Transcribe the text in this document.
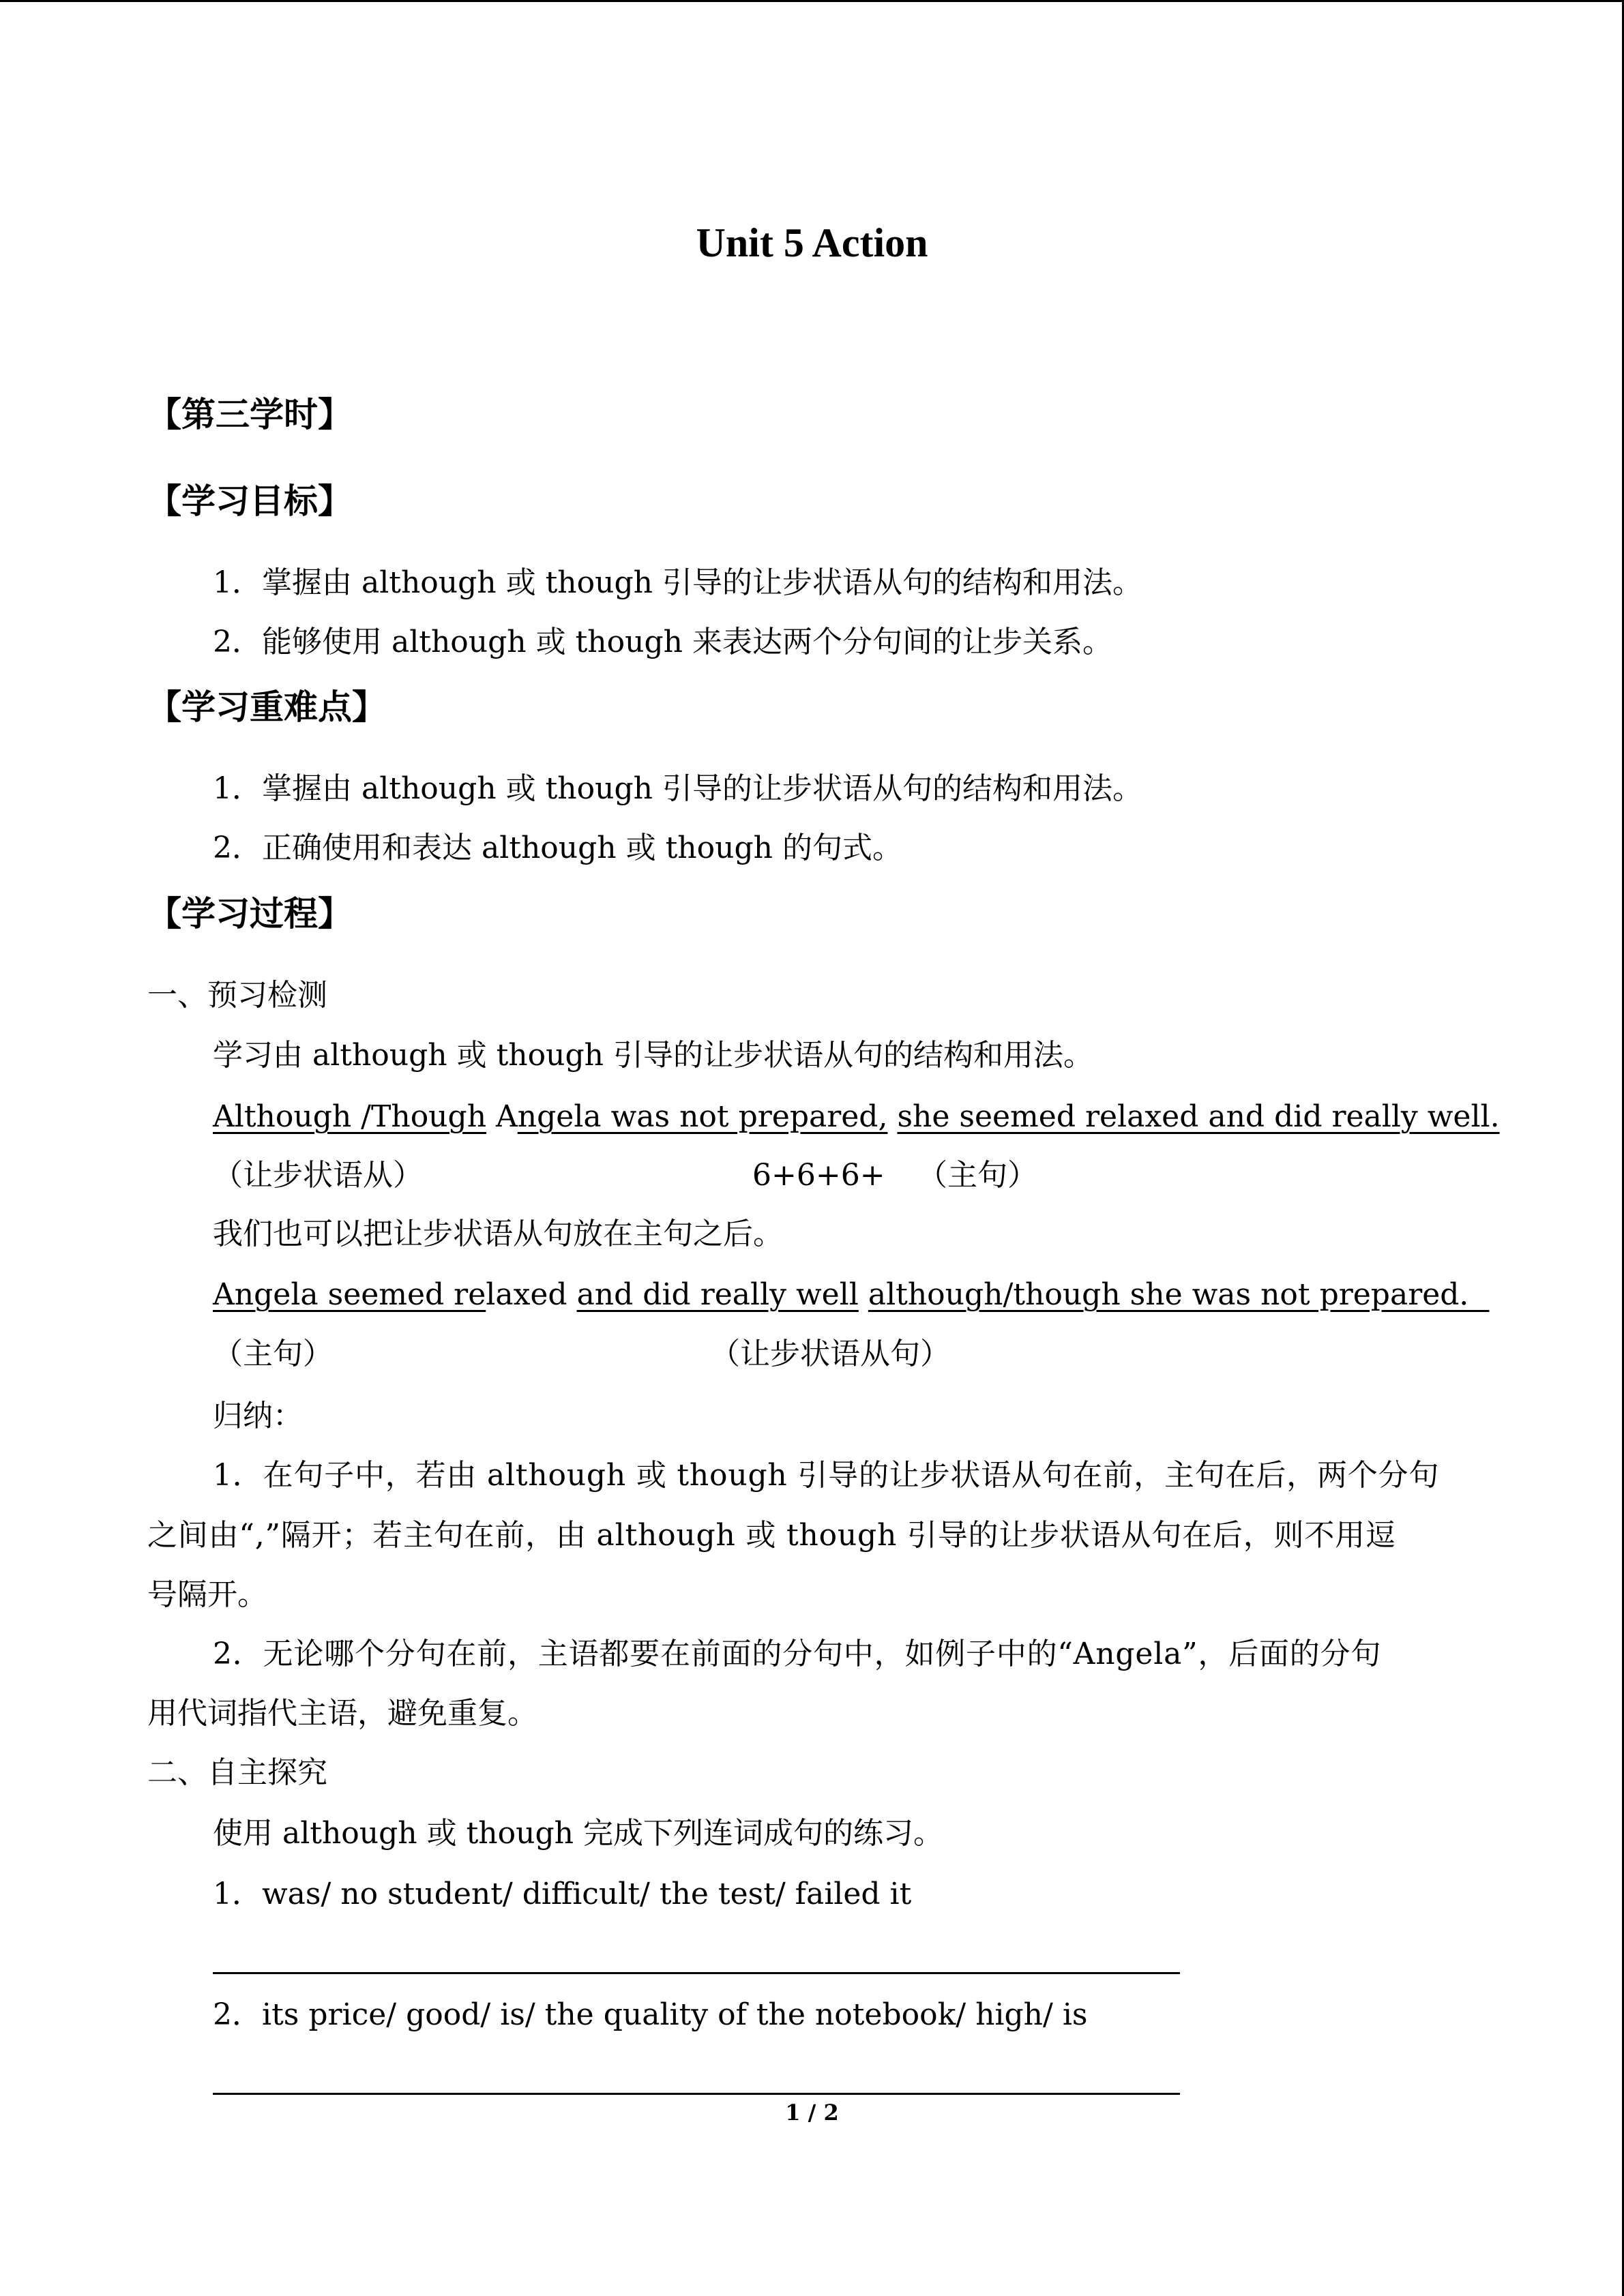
Unit 5 Action
【第三学时】
【学习目标】
1．掌握由 although 或 though 引导的让步状语从句的结构和用法。
2．能够使用 although 或 though 来表达两个分句间的让步关系。
【学习重难点】
1．掌握由 although 或 though 引导的让步状语从句的结构和用法。
2．正确使用和表达 although 或 though 的句式。
【学习过程】
一、预习检测
学习由 although 或 though 引导的让步状语从句的结构和用法。
Although /Though Angela was not prepared, she seemed relaxed and did really well.
（让步状语从）	6+6+6+ （主句）
我们也可以把让步状语从句放在主句之后。
Angela seemed relaxed and did really well although/though she was not prepared．
（主句）	（让步状语从句）
归纳：
1．在句子中，若由 although 或 though 引导的让步状语从句在前，主句在后，两个分句
之间由“,”隔开；若主句在前，由 although 或 though 引导的让步状语从句在后，则不用逗
号隔开。
2．无论哪个分句在前，主语都要在前面的分句中，如例子中的“Angela”，后面的分句
用代词指代主语，避免重复。
二、自主探究
使用 although 或 though 完成下列连词成句的练习。
1．was/ no student/ difficult/ the test/ failed it
2．its price/ good/ is/ the quality of the notebook/ high/ is
1 / 2
